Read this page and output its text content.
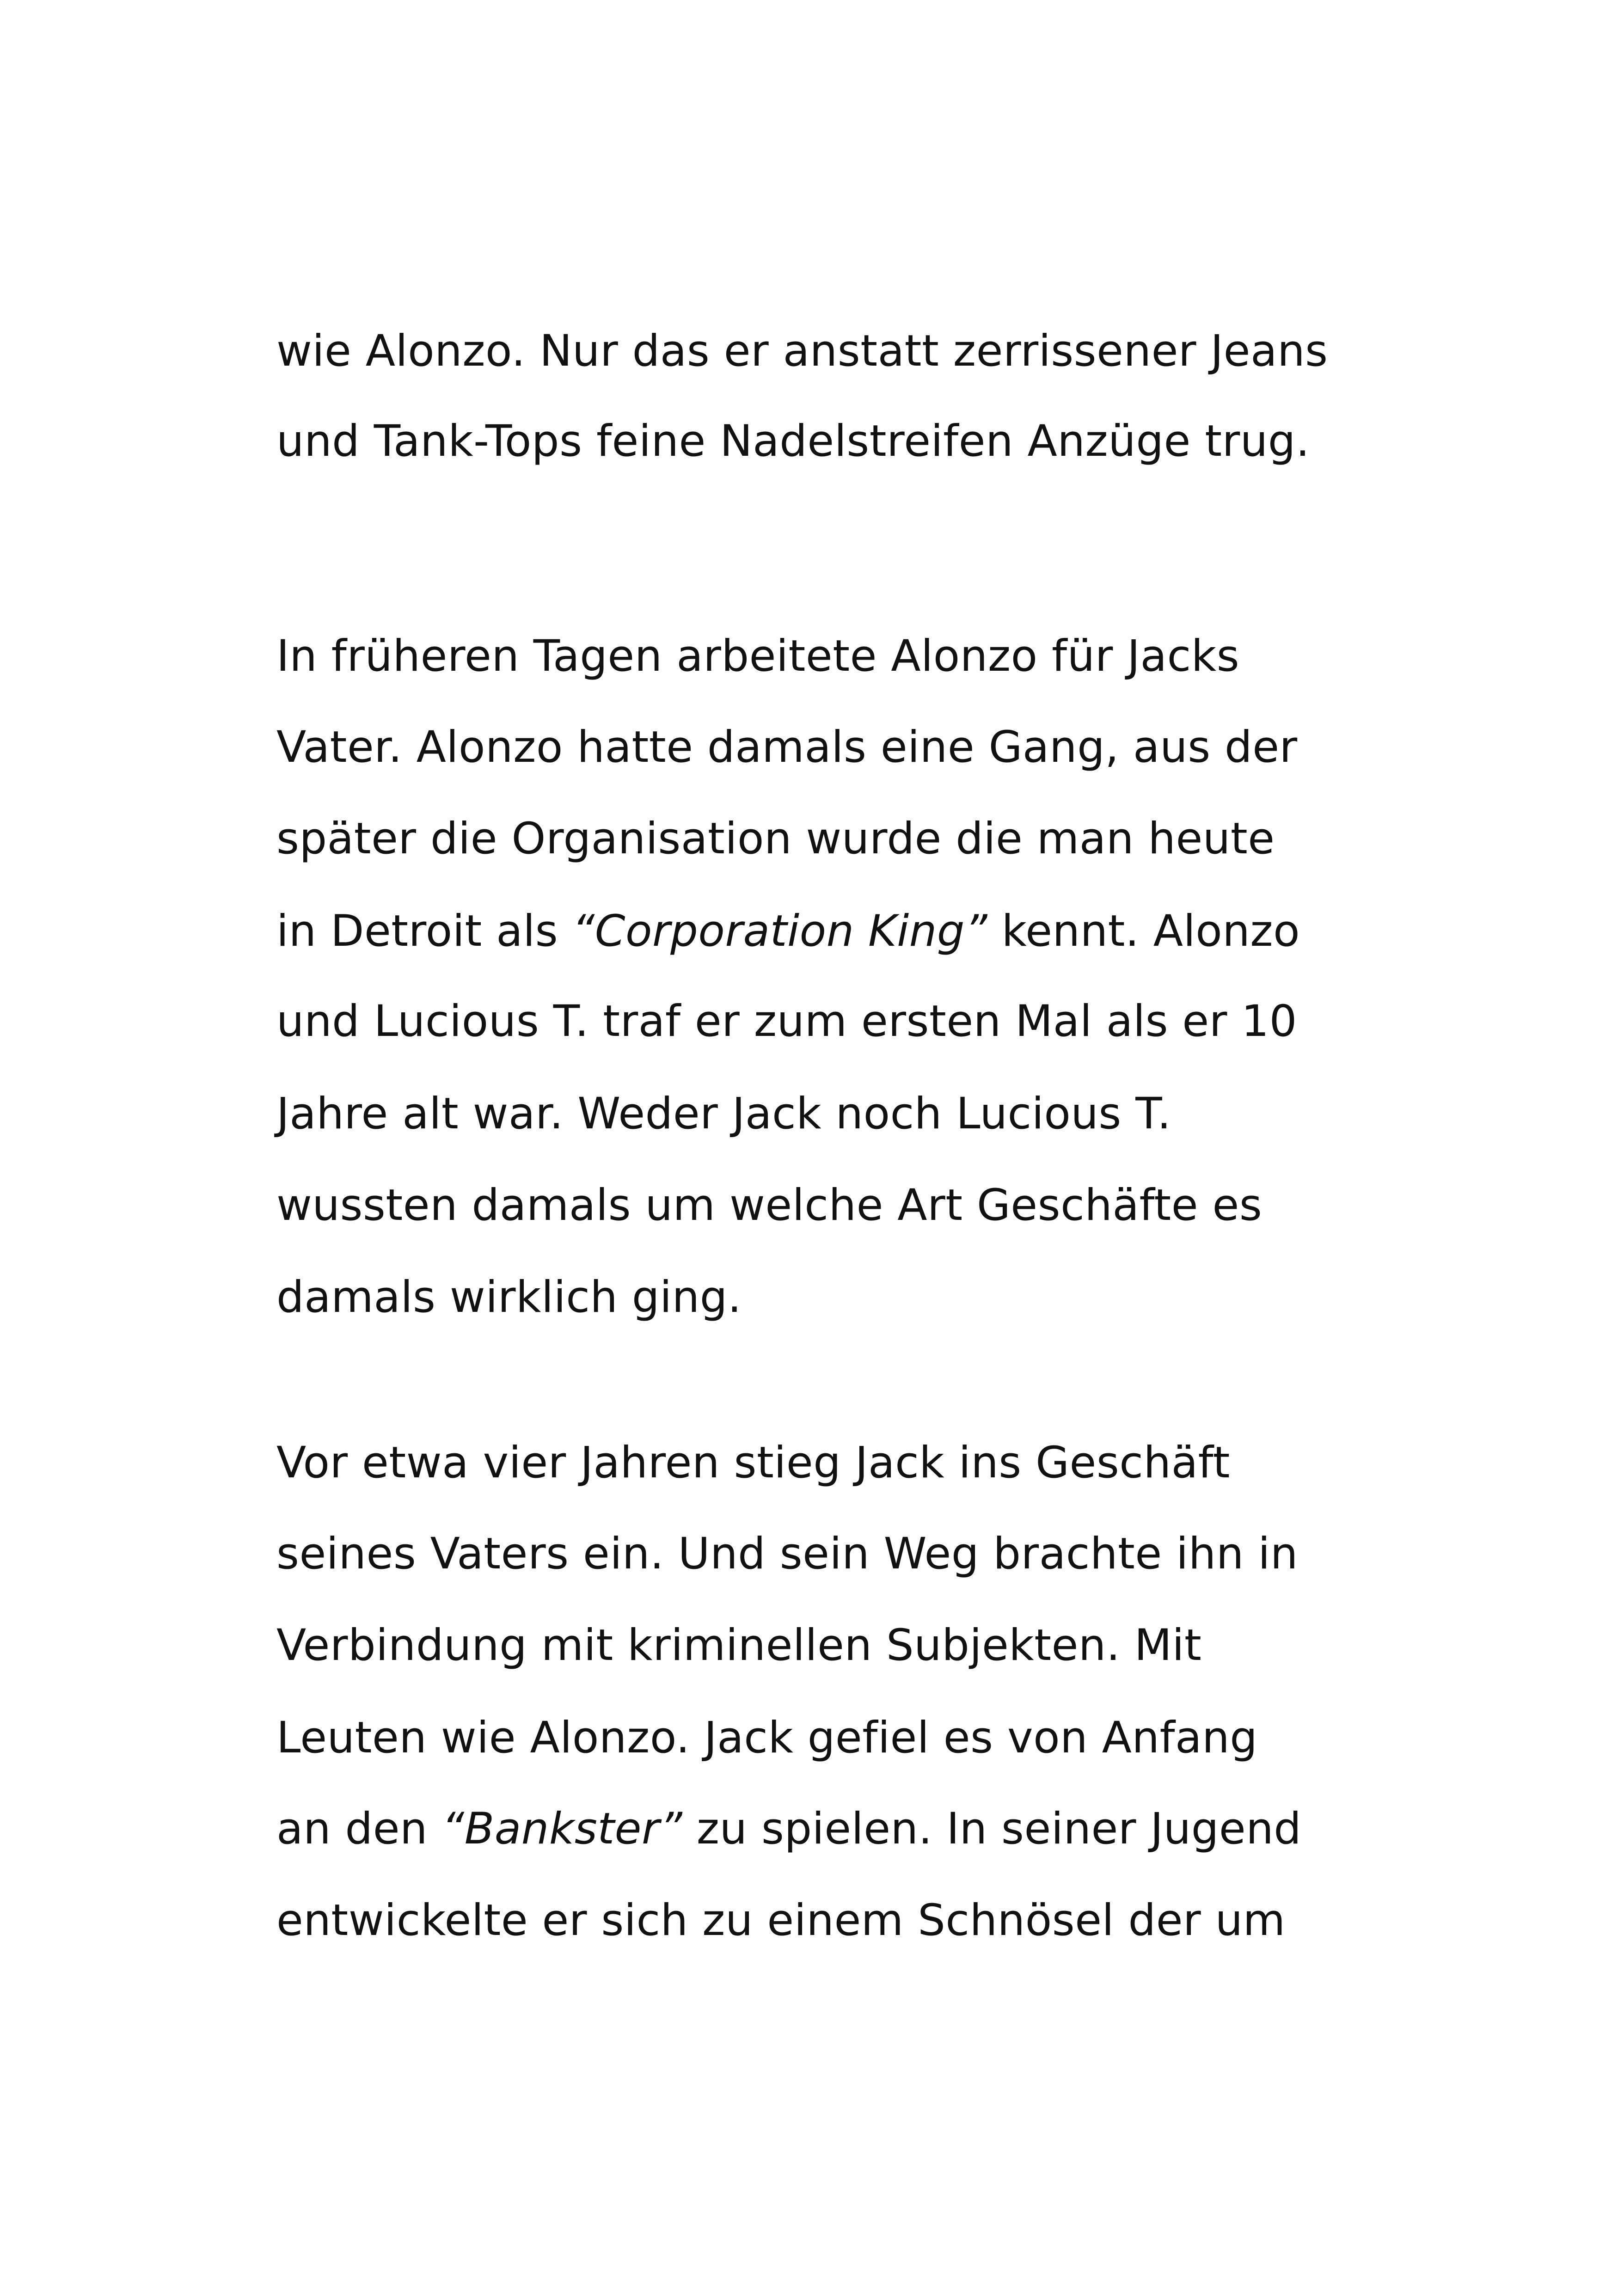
wie Alonzo. Nur das er anstatt zerrissener Jeans

und Tank-Tops feine Nadelstreifen Anzüge trug.

In früheren Tagen arbeitete Alonzo für Jacks

Vater. Alonzo hatte damals eine Gang, aus der

später die Organisation wurde die man heute

in Detroit als “Corporation King” kennt. Alonzo

und Lucious T. traf er zum ersten Mal als er 10

Jahre alt war. Weder Jack noch Lucious T.

wussten damals um welche Art Geschäfte es

damals wirklich ging.

Vor etwa vier Jahren stieg Jack ins Geschäft

seines Vaters ein. Und sein Weg brachte ihn in

Verbindung mit kriminellen Subjekten. Mit

Leuten wie Alonzo. Jack gefiel es von Anfang

an den “Bankster” zu spielen. In seiner Jugend

entwickelte er sich zu einem Schnösel der um
